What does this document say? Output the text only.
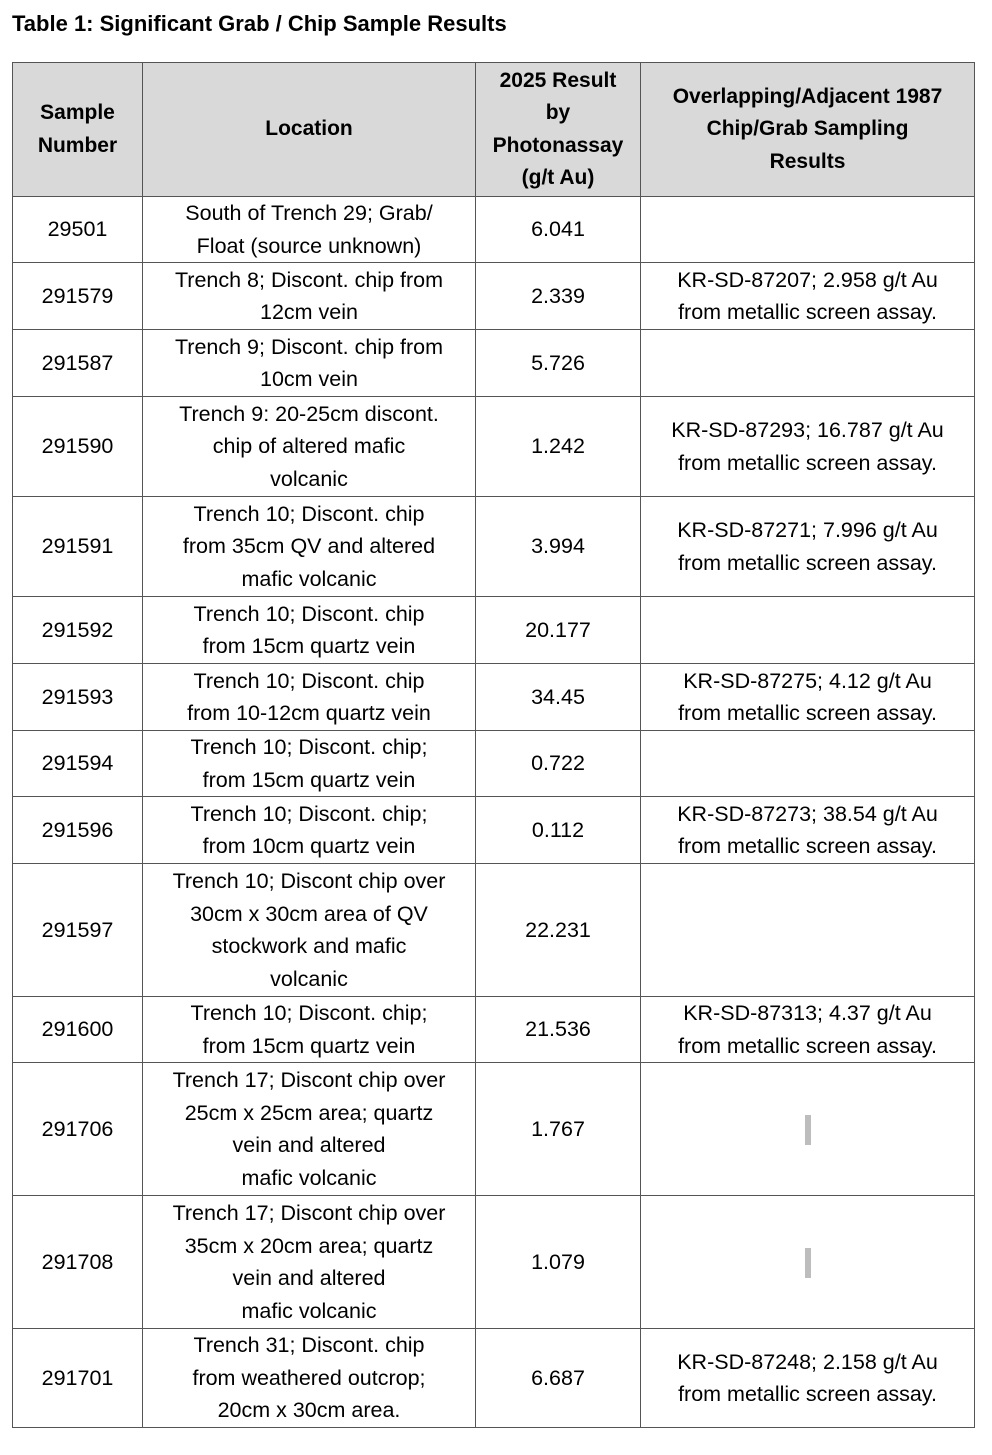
Table 1: Significant Grab / Chip Sample Results
Sample
Number	Location	2025 Result
by
Photonassay
(g/t Au)	Overlapping/Adjacent 1987
Chip/Grab Sampling
Results

29501	South of Trench 29; Grab/
Float (source unknown)	6.041	

291579	Trench 8; Discont. chip from
12cm vein	2.339	KR-SD-87207; 2.958 g/t Au
from metallic screen assay.

291587	Trench 9; Discont. chip from
10cm vein	5.726	

291590	Trench 9: 20-25cm discont.
chip of altered mafic
volcanic	1.242	KR-SD-87293; 16.787 g/t Au
from metallic screen assay.

291591	Trench 10; Discont. chip
from 35cm QV and altered
mafic volcanic	3.994	KR-SD-87271; 7.996 g/t Au
from metallic screen assay.

291592	Trench 10; Discont. chip
from 15cm quartz vein	20.177	

291593	Trench 10; Discont. chip
from 10-12cm quartz vein	34.45	KR-SD-87275; 4.12 g/t Au
from metallic screen assay.

291594	Trench 10; Discont. chip;
from 15cm quartz vein	0.722	

291596	Trench 10; Discont. chip;
from 10cm quartz vein	0.112	KR-SD-87273; 38.54 g/t Au
from metallic screen assay.

291597	Trench 10; Discont chip over
30cm x 30cm area of QV
stockwork and mafic
volcanic	22.231	

291600	Trench 10; Discont. chip;
from 15cm quartz vein	21.536	KR-SD-87313; 4.37 g/t Au
from metallic screen assay.

291706	Trench 17; Discont chip over
25cm x 25cm area; quartz
vein and altered
mafic volcanic	1.767	

291708	Trench 17; Discont chip over
35cm x 20cm area; quartz
vein and altered
mafic volcanic	1.079	

291701	Trench 31; Discont. chip
from weathered outcrop;
20cm x 30cm area.	6.687	KR-SD-87248; 2.158 g/t Au
from metallic screen assay.
